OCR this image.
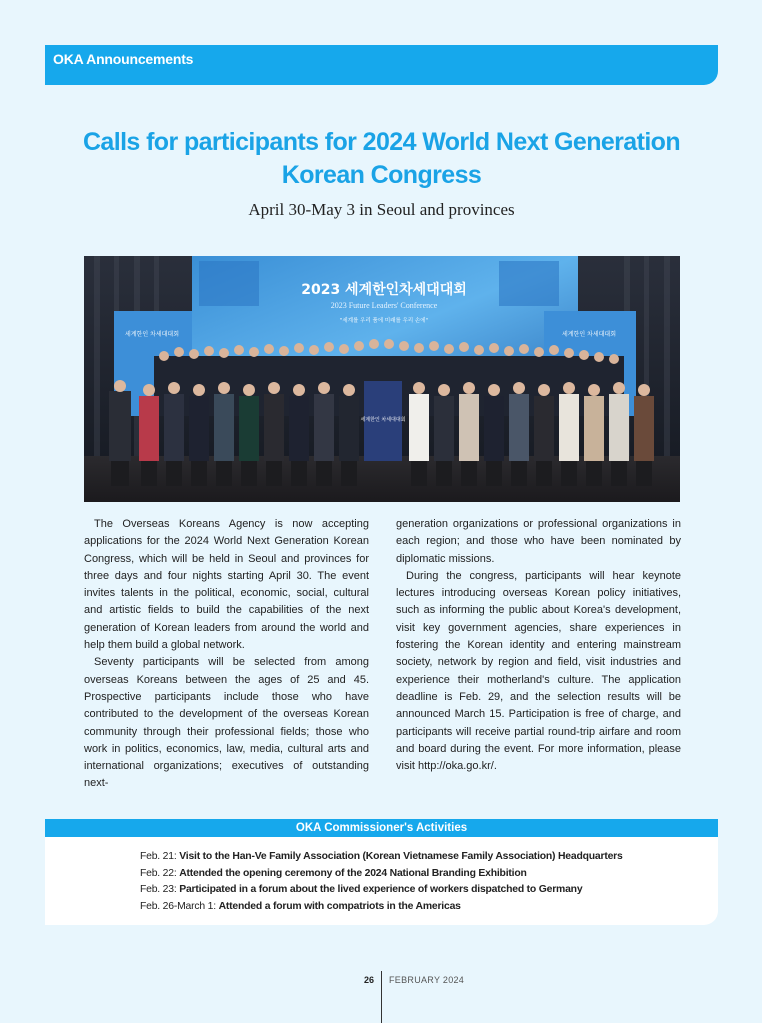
OKA Announcements
Calls for participants for 2024 World Next Generation Korean Congress
April 30-May 3 in Seoul and provinces
2023 세계한인차세대대회
2023 Future Leaders' Conference
"세계를 우리 품에 미래를 우리 손에"
세계한인 차세대대회	세계한인 차세대대회
세계한인 차세대대회

The Overseas Koreans Agency is now accepting applications for the 2024 World Next Generation Korean Congress, which will be held in Seoul and provinces for three days and four nights starting April 30. The event invites talents in the political, economic, social, cultural and artistic fields to build the capabilities of the next generation of Korean leaders from around the world and help them build a global network.

Seventy participants will be selected from among overseas Koreans between the ages of 25 and 45. Prospective participants include those who have contributed to the development of the overseas Korean community through their professional fields; those who work in politics, economics, law, media, cultural arts and international organizations; executives of outstanding next-

generation organizations or professional organizations in each region; and those who have been nominated by diplomatic missions.

During the congress, participants will hear keynote lectures introducing overseas Korean policy initiatives, such as informing the public about Korea's development, visit key government agencies, share experiences in fostering the Korean identity and entering mainstream society, network by region and field, visit industries and experience their motherland's culture. The application deadline is Feb. 29, and the selection results will be announced March 15. Participation is free of charge, and participants will receive partial round-trip airfare and room and board during the event. For more information, please visit http://oka.go.kr/.

OKA Commissioner's Activities
Feb. 21: Visit to the Han-Ve Family Association (Korean Vietnamese Family Association) Headquarters
Feb. 22: Attended the opening ceremony of the 2024 National Branding Exhibition
Feb. 23: Participated in a forum about the lived experience of workers dispatched to Germany
Feb. 26-March 1: Attended a forum with compatriots in the Americas
26 FEBRUARY 2024
